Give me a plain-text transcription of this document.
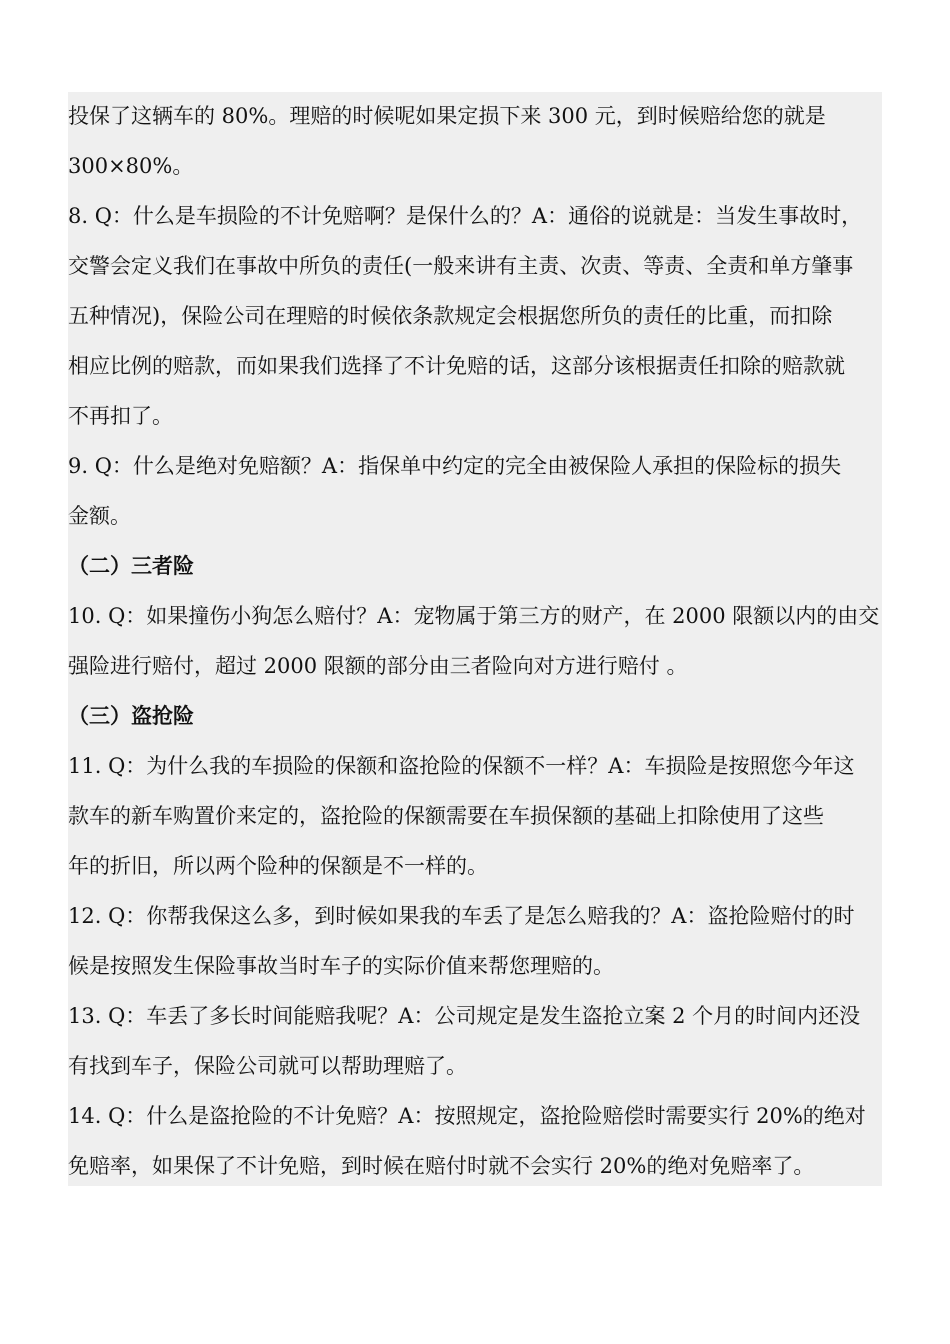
投保了这辆车的 80%。理赔的时候呢如果定损下来 300 元，到时候赔给您的就是
300×80%。
8. Q：什么是车损险的不计免赔啊？是保什么的？A：通俗的说就是：当发生事故时，
交警会定义我们在事故中所负的责任(一般来讲有主责、次责、等责、全责和单方肇事
五种情况)，保险公司在理赔的时候依条款规定会根据您所负的责任的比重，而扣除
相应比例的赔款，而如果我们选择了不计免赔的话，这部分该根据责任扣除的赔款就
不再扣了。
9. Q：什么是绝对免赔额？A：指保单中约定的完全由被保险人承担的保险标的损失
金额。
（二）三者险
10. Q：如果撞伤小狗怎么赔付？A：宠物属于第三方的财产，在 2000 限额以内的由交
强险进行赔付，超过 2000 限额的部分由三者险向对方进行赔付 。
（三）盗抢险
11. Q：为什么我的车损险的保额和盗抢险的保额不一样？A：车损险是按照您今年这
款车的新车购置价来定的，盗抢险的保额需要在车损保额的基础上扣除使用了这些
年的折旧，所以两个险种的保额是不一样的。
12. Q：你帮我保这么多，到时候如果我的车丢了是怎么赔我的？A：盗抢险赔付的时
候是按照发生保险事故当时车子的实际价值来帮您理赔的。
13. Q：车丢了多长时间能赔我呢？A：公司规定是发生盗抢立案 2 个月的时间内还没
有找到车子，保险公司就可以帮助理赔了。
14. Q：什么是盗抢险的不计免赔？A：按照规定，盗抢险赔偿时需要实行 20%的绝对
免赔率，如果保了不计免赔，到时候在赔付时就不会实行 20%的绝对免赔率了。
